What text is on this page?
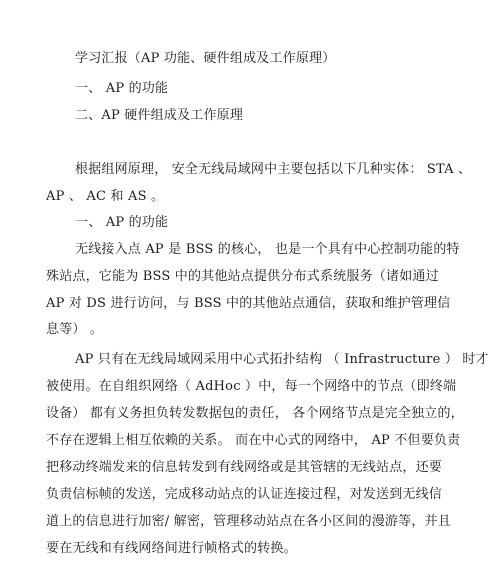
学习汇报（AP 功能、硬件组成及工作原理）
一、 AP 的功能
二、AP 硬件组成及工作原理
根据组网原理， 安全无线局域网中主要包括以下几种实体： STA 、
AP 、 AC 和 AS 。
一、 AP 的功能
无线接入点 AP 是 BSS 的核心， 也是一个具有中心控制功能的特
殊站点，它能为 BSS 中的其他站点提供分布式系统服务（诸如通过
AP 对 DS 进行访问，与 BSS 中的其他站点通信，获取和维护管理信
息等） 。
AP 只有在无线局域网采用中心式拓扑结构 （ Infrastructure ） 时才
被使用。在自组织网络（ AdHoc ）中，每一个网络中的节点（即终端
设备） 都有义务担负转发数据包的责任， 各个网络节点是完全独立的，
不存在逻辑上相互依赖的关系。 而在中心式的网络中， AP 不但要负责
把移动终端发来的信息转发到有线网络或是其管辖的无线站点，还要
负责信标帧的发送，完成移动站点的认证连接过程，对发送到无线信
道上的信息进行加密/ 解密，管理移动站点在各小区间的漫游等，并且
要在无线和有线网络间进行帧格式的转换。
